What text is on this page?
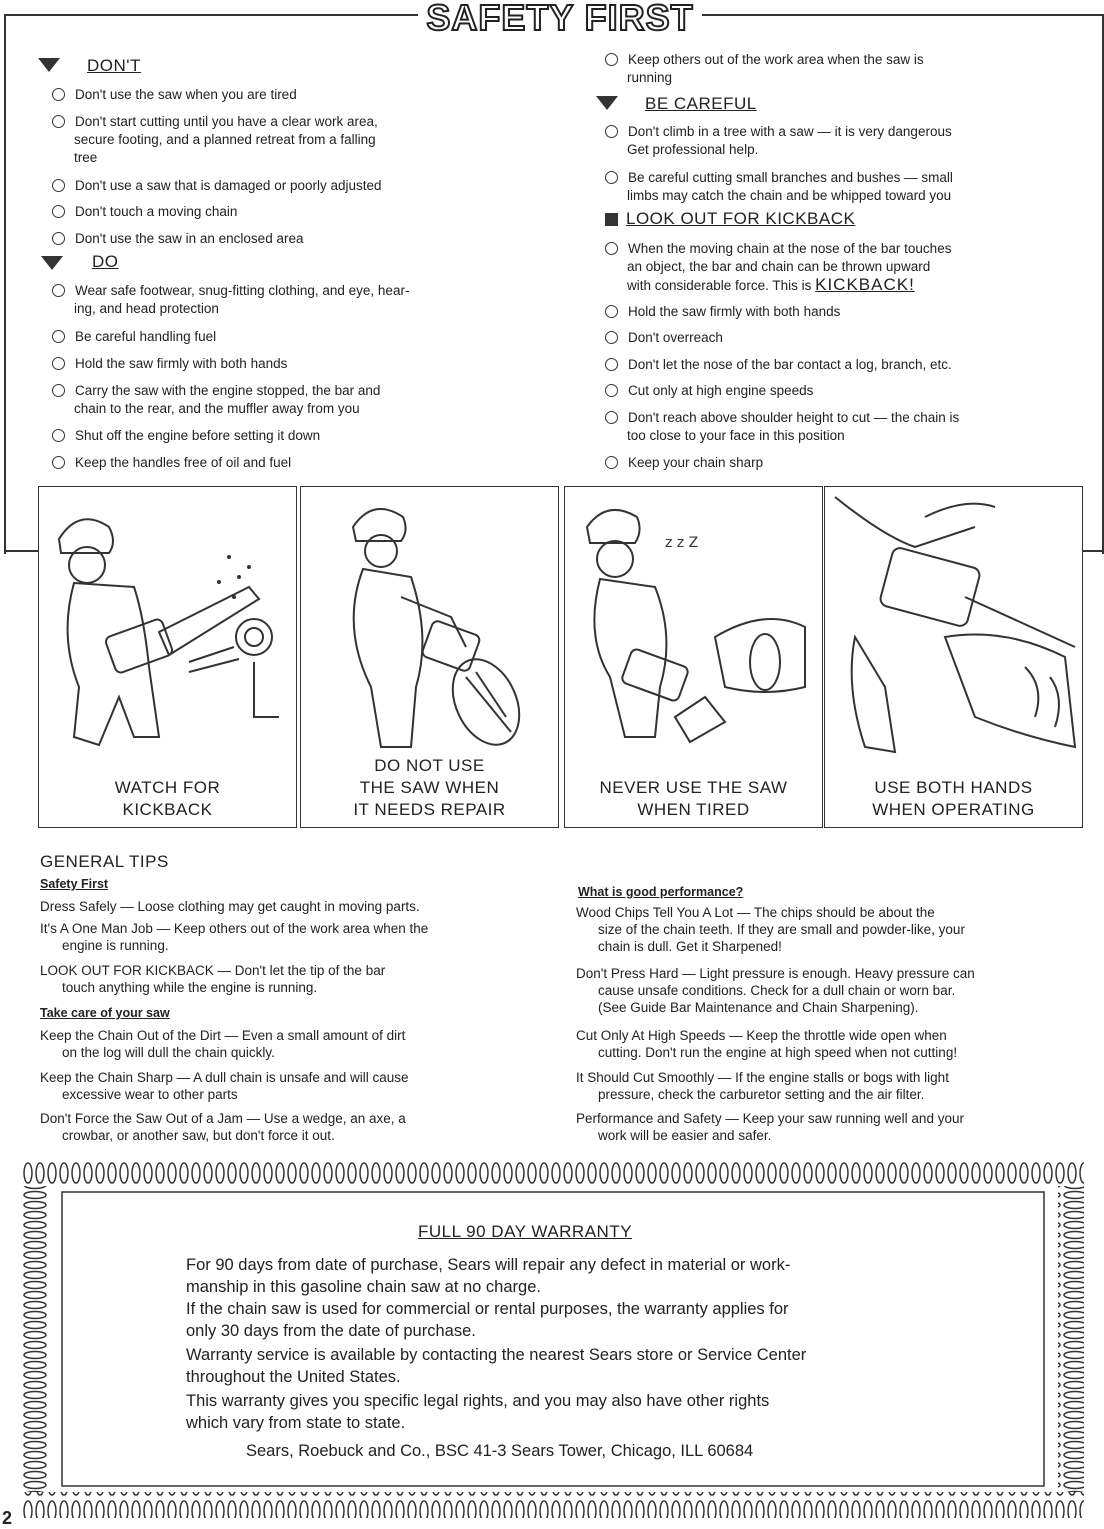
SAFETY FIRST
DON'T
Don't use the saw when you are tired
Don't start cutting until you have a clear work area,
secure footing, and a planned retreat from a falling
tree
Don't use a saw that is damaged or poorly adjusted
Don't touch a moving chain
Don't use the saw in an enclosed area
DO
Wear safe footwear, snug-fitting clothing, and eye, hear-
ing, and head protection
Be careful handling fuel
Hold the saw firmly with both hands
Carry the saw with the engine stopped, the bar and
chain to the rear, and the muffler away from you
Shut off the engine before setting it down
Keep the handles free of oil and fuel
Keep others out of the work area when the saw is
running
BE CAREFUL
Don't climb in a tree with a saw — it is very dangerous
Get professional help.
Be careful cutting small branches and bushes — small
limbs may catch the chain and be whipped toward you
LOOK OUT FOR KICKBACK
When the moving chain at the nose of the bar touches
an object, the bar and chain can be thrown upward
with considerable force. This is KICKBACK!
Hold the saw firmly with both hands
Don't overreach
Don't let the nose of the bar contact a log, branch, etc.
Cut only at high engine speeds
Don't reach above shoulder height to cut — the chain is
too close to your face in this position
Keep your chain sharp
WATCH FOR
KICKBACK
DO NOT USE
THE SAW WHEN
IT NEEDS REPAIR
z z Z
NEVER USE THE SAW
WHEN TIRED
USE BOTH HANDS
WHEN OPERATING
GENERAL TIPS
Safety First
Dress Safely — Loose clothing may get caught in moving parts.
It's A One Man Job — Keep others out of the work area when the
engine is running.
LOOK OUT FOR KICKBACK — Don't let the tip of the bar
touch anything while the engine is running.
Take care of your saw
Keep the Chain Out of the Dirt — Even a small amount of dirt
on the log will dull the chain quickly.
Keep the Chain Sharp — A dull chain is unsafe and will cause
excessive wear to other parts
Don't Force the Saw Out of a Jam — Use a wedge, an axe, a
crowbar, or another saw, but don't force it out.
What is good performance?
Wood Chips Tell You A Lot — The chips should be about the
size of the chain teeth. If they are small and powder-like, your
chain is dull. Get it Sharpened!
Don't Press Hard — Light pressure is enough. Heavy pressure can
cause unsafe conditions. Check for a dull chain or worn bar.
(See Guide Bar Maintenance and Chain Sharpening).
Cut Only At High Speeds — Keep the throttle wide open when
cutting. Don't run the engine at high speed when not cutting!
It Should Cut Smoothly — If the engine stalls or bogs with light
pressure, check the carburetor setting and the air filter.
Performance and Safety — Keep your saw running well and your
work will be easier and safer.
FULL 90 DAY WARRANTY
For 90 days from date of purchase, Sears will repair any defect in material or work-
manship in this gasoline chain saw at no charge.
If the chain saw is used for commercial or rental purposes, the warranty applies for
only 30 days from the date of purchase.
Warranty service is available by contacting the nearest Sears store or Service Center
throughout the United States.
This warranty gives you specific legal rights, and you may also have other rights
which vary from state to state.
Sears, Roebuck and Co., BSC 41-3 Sears Tower, Chicago, ILL 60684
2
